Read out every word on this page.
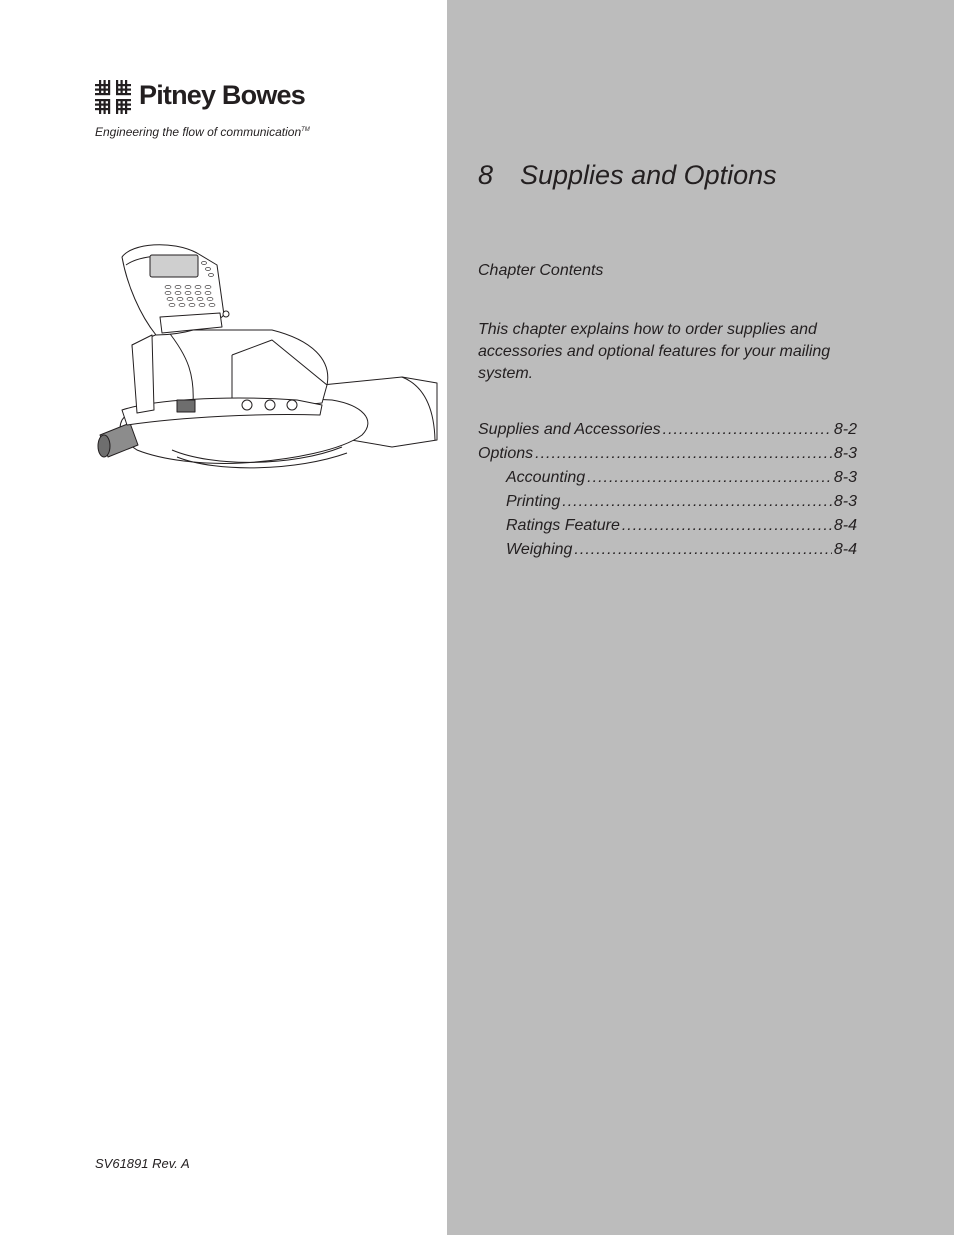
Pitney Bowes
Engineering the flow of communication™
8 Supplies and Options
Chapter Contents

This chapter explains how to order supplies and accessories and optional features for your mailing system.

Supplies and Accessories .....	8-2
Options .....	8-3
Accounting .....	8-3
Printing .....	8-3
Ratings Feature .....	8-4
Weighing .....	8-4
SV61891 Rev. A
